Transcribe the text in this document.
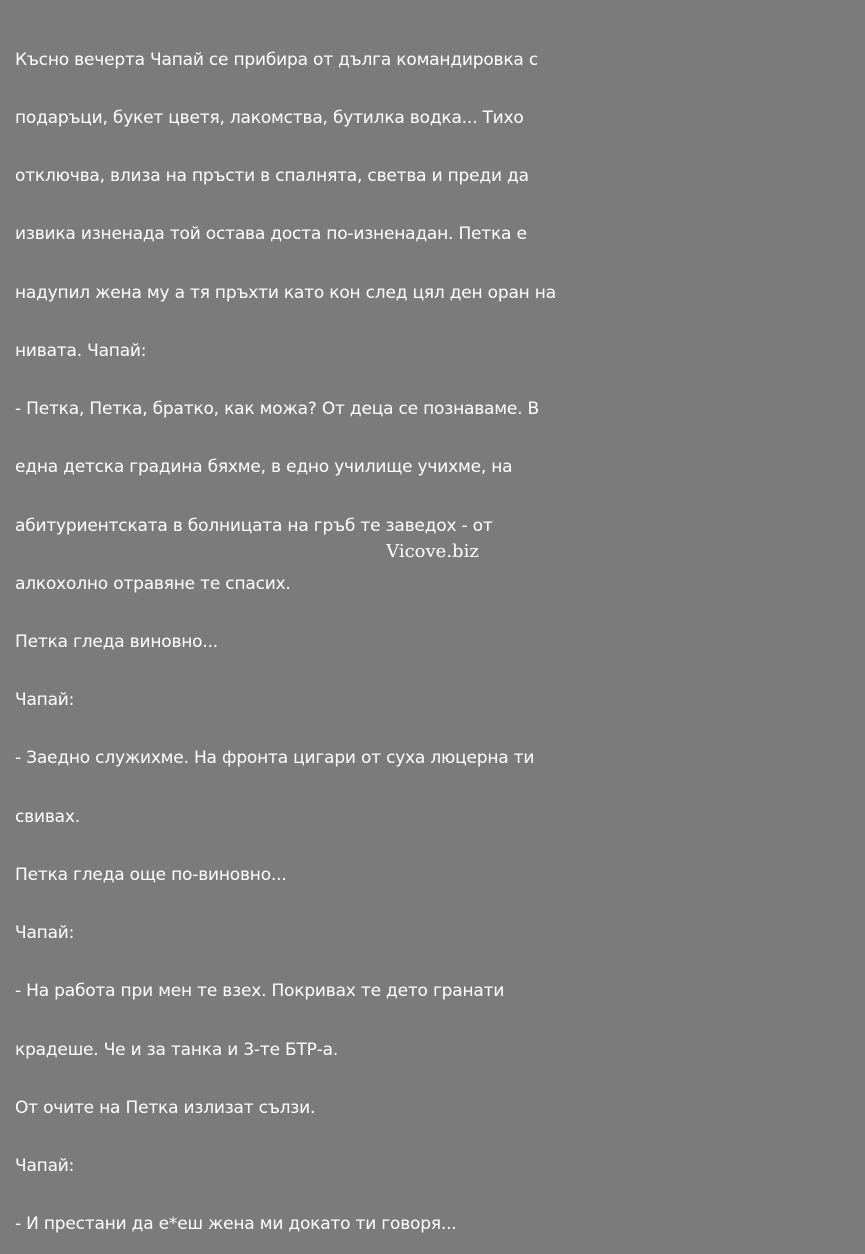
Късно вечерта Чапай се прибира от дълга командировка с

подаръци, букет цветя, лакомства, бутилка водка... Тихо

отключва, влиза на пръсти в спалнята, светва и преди да

извика изненада той остава доста по-изненадан. Петка е

надупил жена му а тя пръхти като кон след цял ден оран на

нивата. Чапай:

- Петка, Петка, братко, как можа? От деца се познаваме. В

една детска градина бяхме, в едно училище учихме, на

абитуриентската в болницата на гръб те заведох - от

алкохолно отравяне те спасих.

Петка гледа виновно...

Чапай:

- Заедно служихме. На фронта цигари от суха люцерна ти

свивах.

Петка гледа още по-виновно...

Чапай:

- На работа при мен те взех. Покривах те дето гранати

крадеше. Че и за танка и 3-те БТР-а.

От очите на Петка излизат сълзи.

Чапай:

- И престани да е*еш жена ми докато ти говоря...

Vicove.biz
